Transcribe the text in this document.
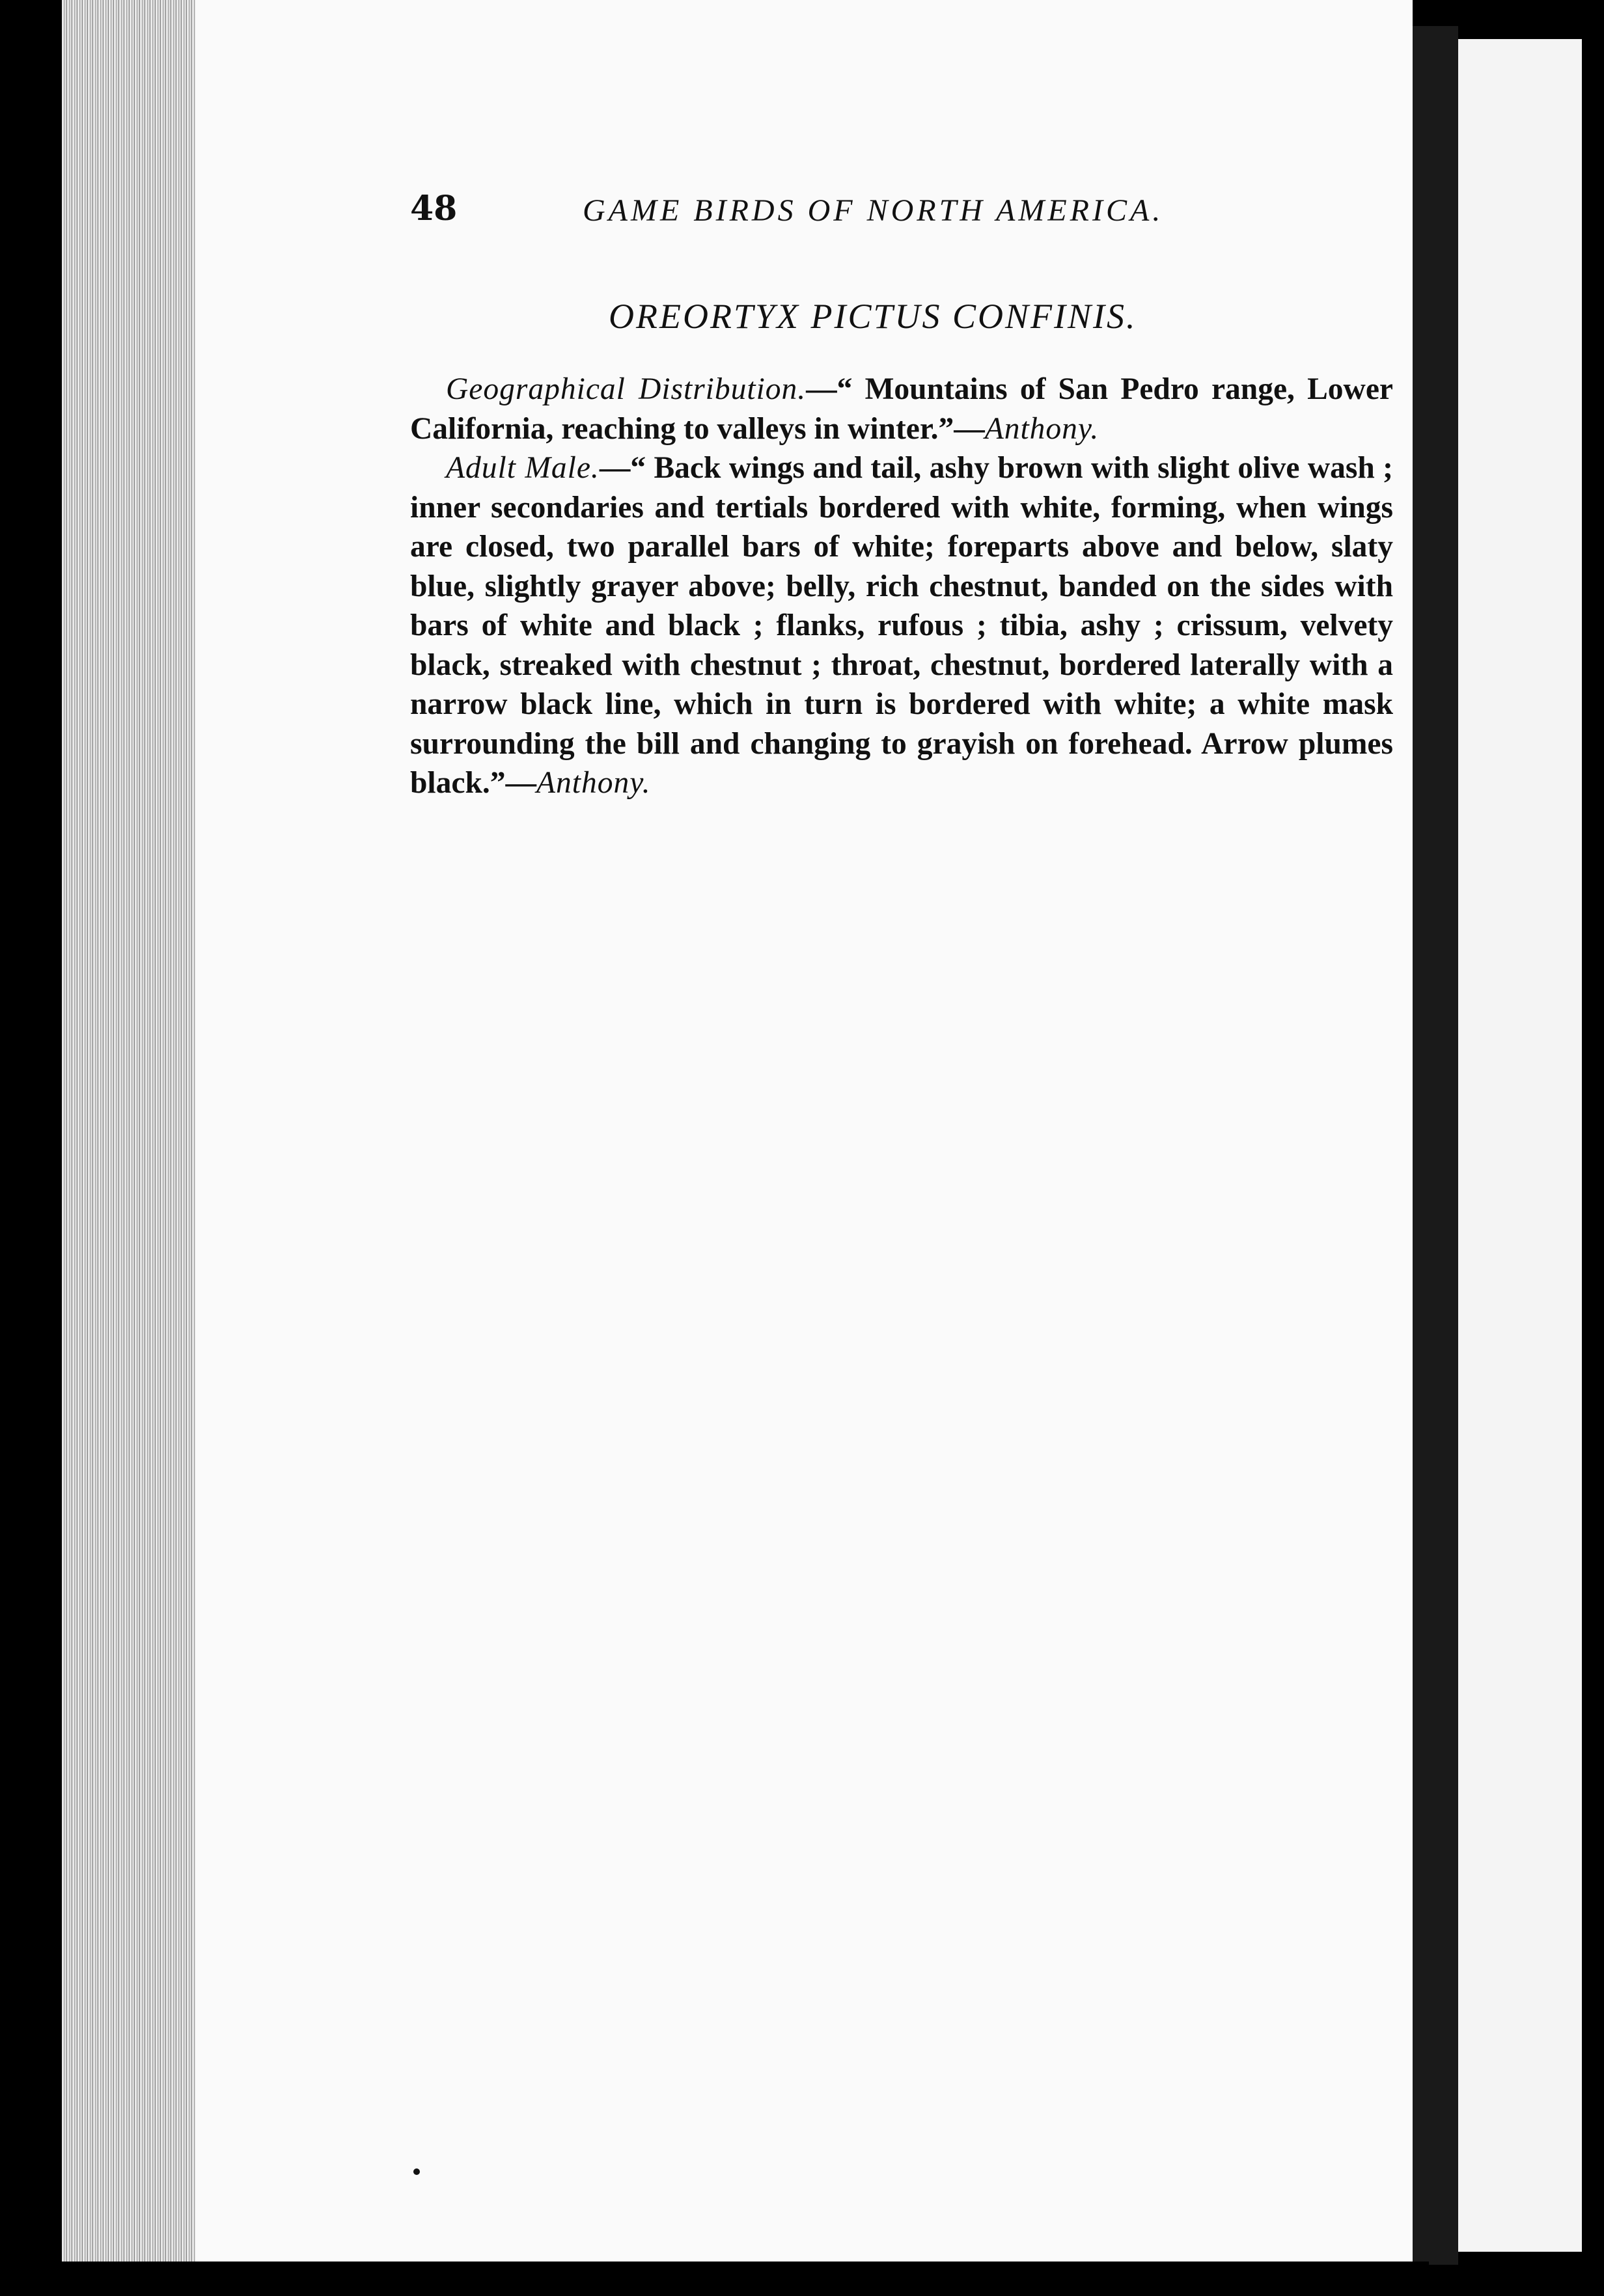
48	GAME BIRDS OF NORTH AMERICA.
OREORTYX PICTUS CONFINIS.

Geographical Distribution.—“ Mountains of San Pedro range, Lower California, reaching to valleys in winter.”—Anthony.

Adult Male.—“ Back wings and tail, ashy brown with slight olive wash ; inner secondaries and tertials bordered with white, forming, when wings are closed, two parallel bars of white; foreparts above and below, slaty blue, slightly grayer above; belly, rich chestnut, banded on the sides with bars of white and black ; flanks, rufous ; tibia, ashy ; crissum, velvety black, streaked with chestnut ; throat, chestnut, bordered laterally with a narrow black line, which in turn is bordered with white; a white mask surrounding the bill and changing to grayish on forehead. Arrow plumes black.”—Anthony.
